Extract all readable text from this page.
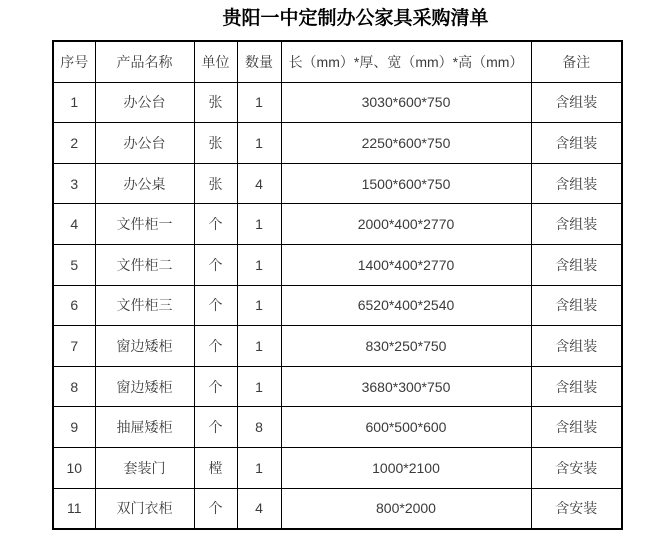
贵阳一中定制办公家具采购清单
序号	产品名称	单位	数量	长（mm）*厚、宽（mm）*高（mm）	备注
1	办公台	张	1	3030*600*750	含组装
2	办公台	张	1	2250*600*750	含组装
3	办公桌	张	4	1500*600*750	含组装
4	文件柜一	个	1	2000*400*2770	含组装
5	文件柜二	个	1	1400*400*2770	含组装
6	文件柜三	个	1	6520*400*2540	含组装
7	窗边矮柜	个	1	830*250*750	含组装
8	窗边矮柜	个	1	3680*300*750	含组装
9	抽屉矮柜	个	8	600*500*600	含组装
10	套装门	樘	1	1000*2100	含安装
11	双门衣柜	个	4	800*2000	含安装
